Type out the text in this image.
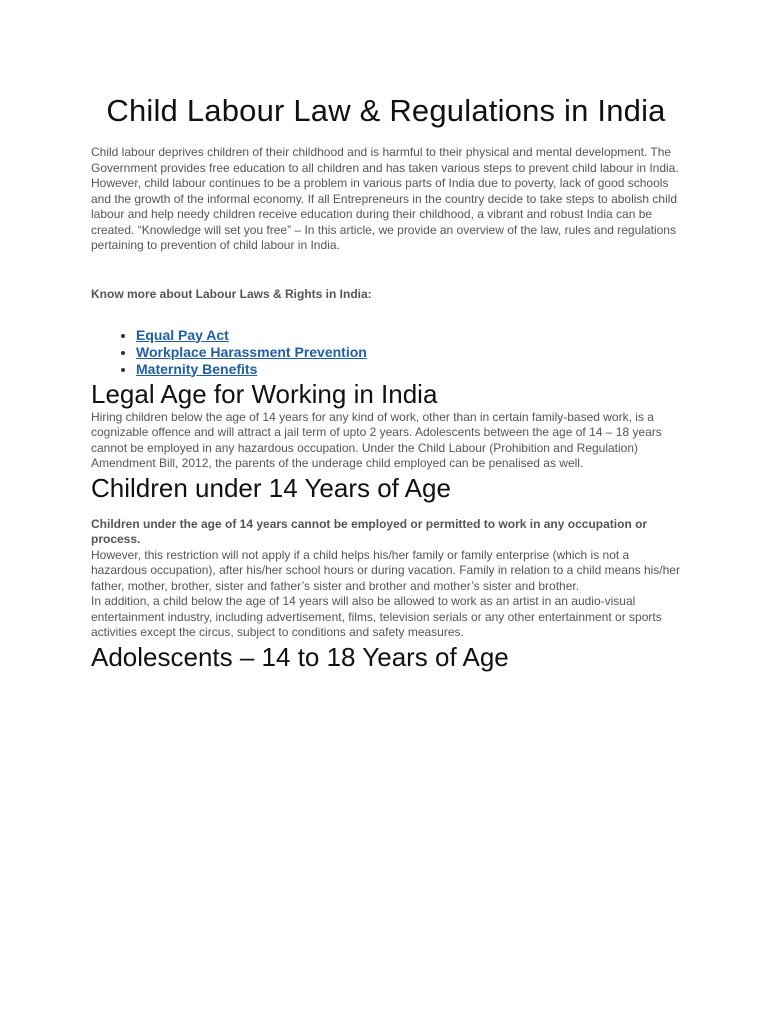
Child Labour Law & Regulations in India

Child labour deprives children of their childhood and is harmful to their physical and mental development. The Government provides free education to all children and has taken various steps to prevent child labour in India. However, child labour continues to be a problem in various parts of India due to poverty, lack of good schools and the growth of the informal economy. If all Entrepreneurs in the country decide to take steps to abolish child labour and help needy children receive education during their childhood, a vibrant and robust India can be created. “Knowledge will set you free” – In this article, we provide an overview of the law, rules and regulations pertaining to prevention of child labour in India.

Know more about Labour Laws & Rights in India:

• Equal Pay Act
• Workplace Harassment Prevention
• Maternity Benefits
Legal Age for Working in India

Hiring children below the age of 14 years for any kind of work, other than in certain family-based work, is a cognizable offence and will attract a jail term of upto 2 years. Adolescents between the age of 14 – 18 years cannot be employed in any hazardous occupation. Under the Child Labour (Prohibition and Regulation) Amendment Bill, 2012, the parents of the underage child employed can be penalised as well.

Children under 14 Years of Age

Children under the age of 14 years cannot be employed or permitted to work in any occupation or process.

However, this restriction will not apply if a child helps his/her family or family enterprise (which is not a hazardous occupation), after his/her school hours or during vacation. Family in relation to a child means his/her father, mother, brother, sister and father’s sister and brother and mother’s sister and brother.

In addition, a child below the age of 14 years will also be allowed to work as an artist in an audio-visual entertainment industry, including advertisement, films, television serials or any other entertainment or sports activities except the circus, subject to conditions and safety measures.

Adolescents – 14 to 18 Years of Age
